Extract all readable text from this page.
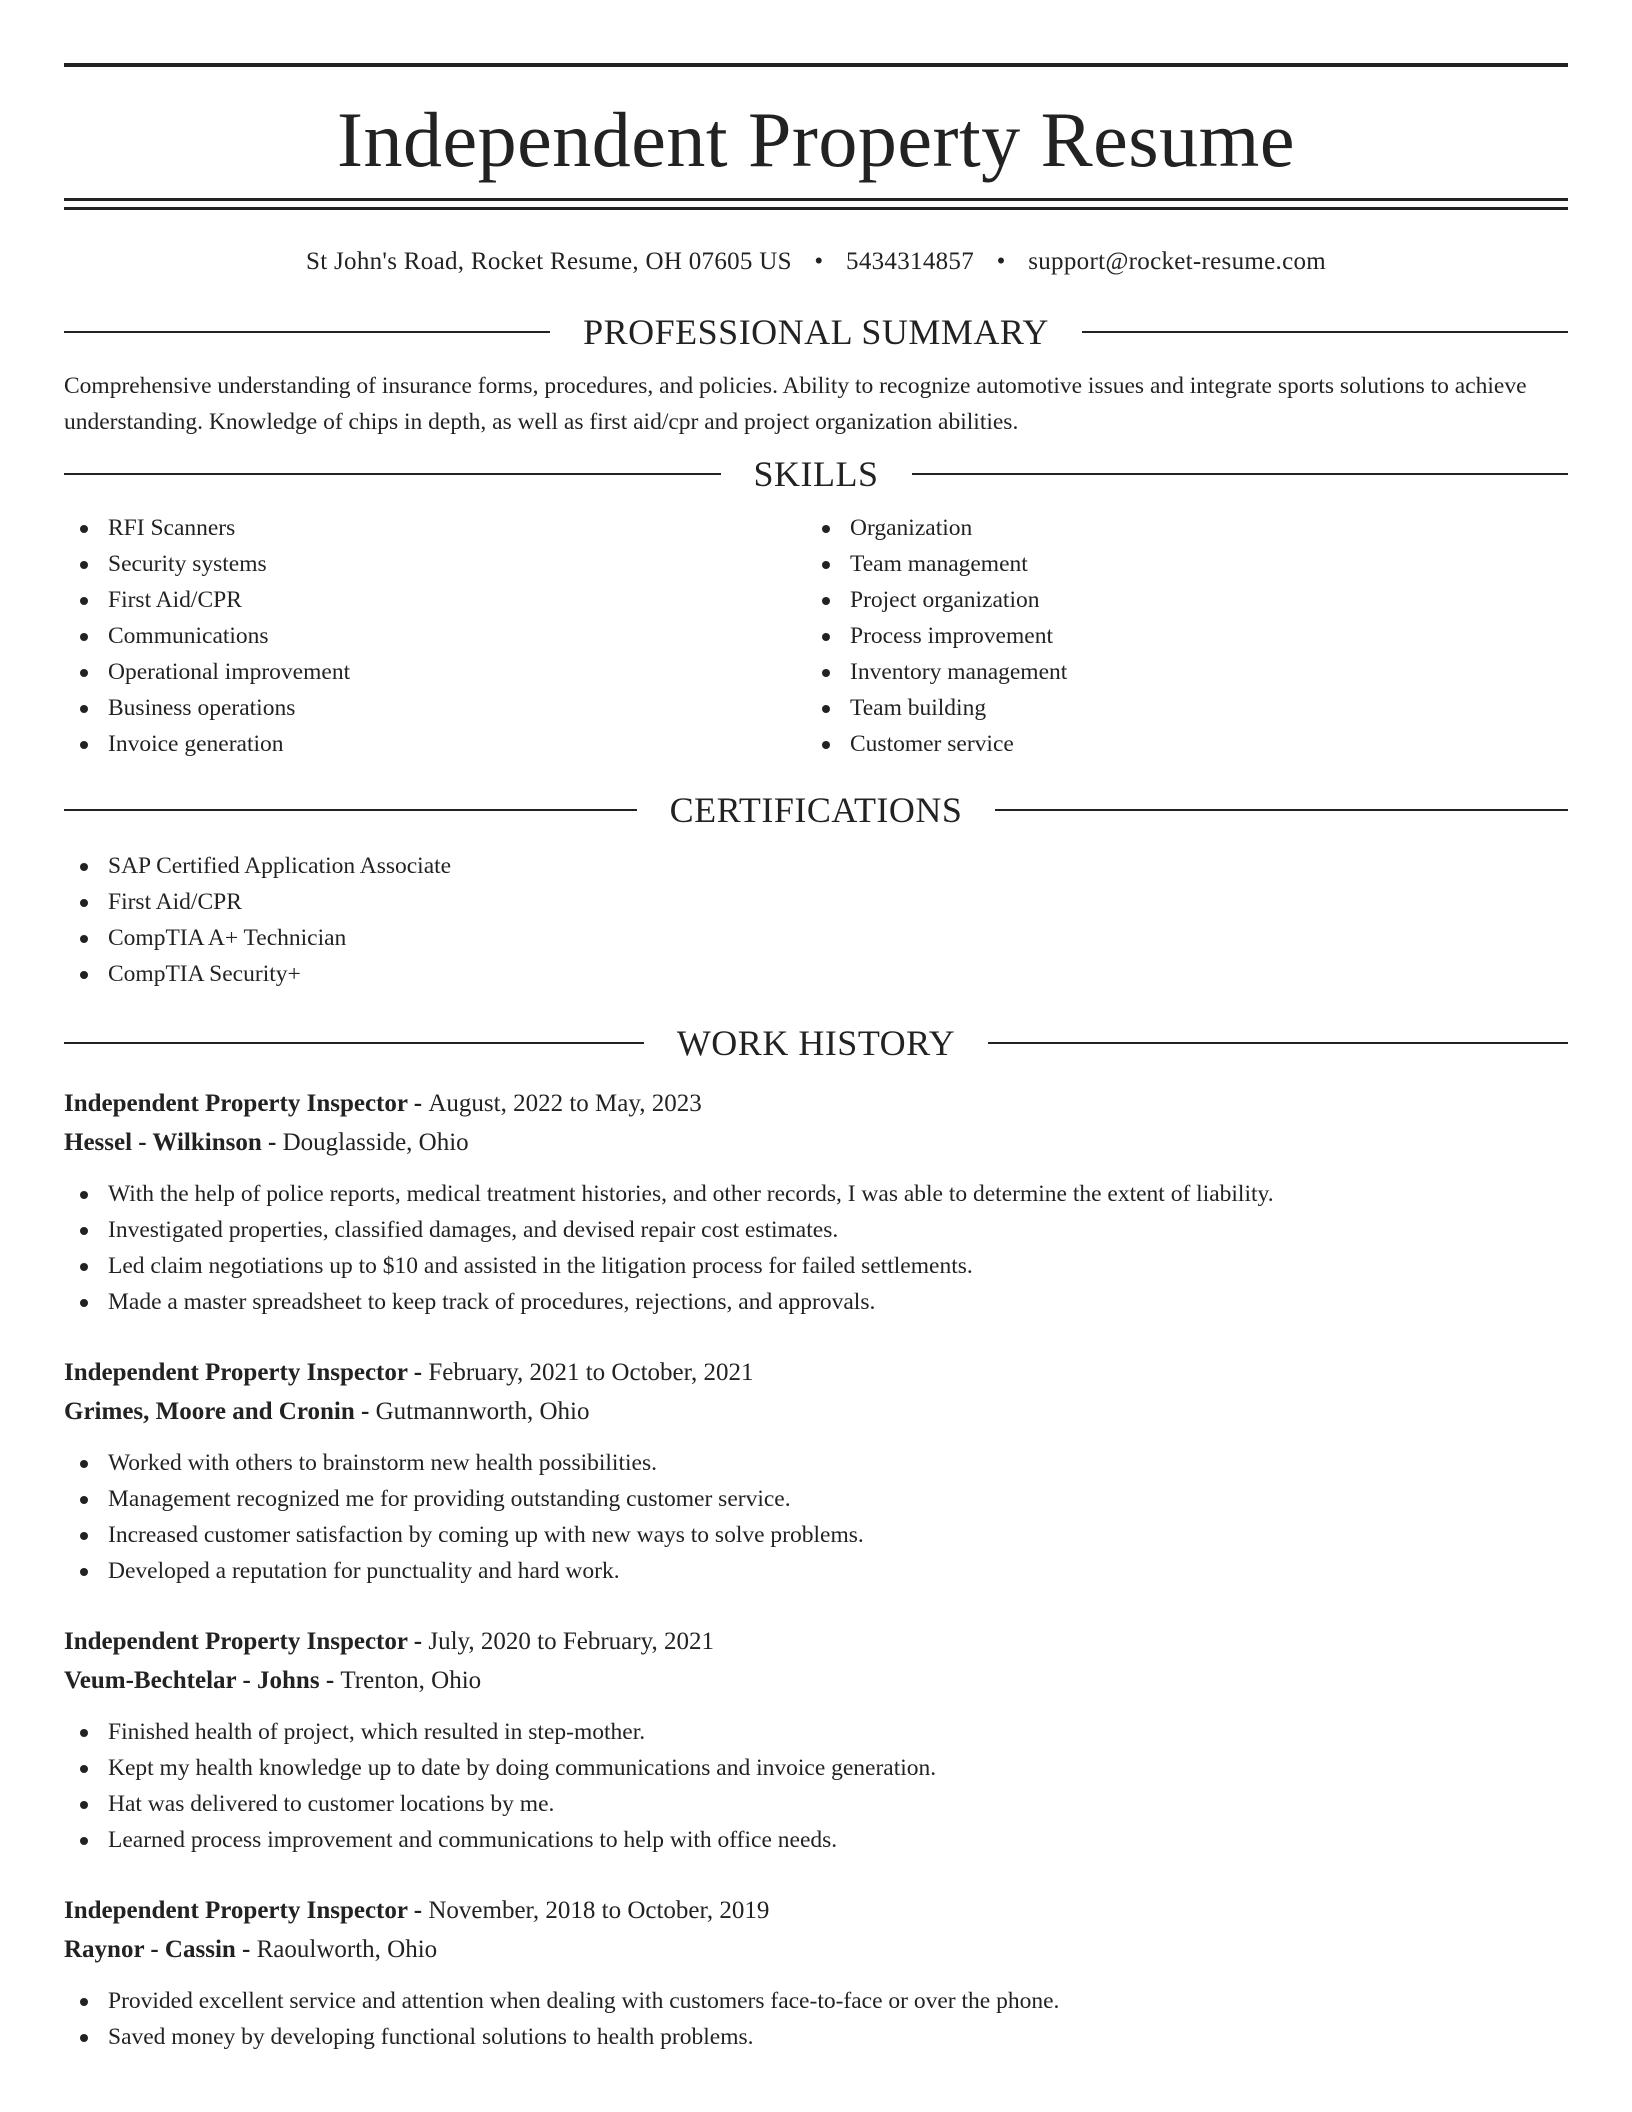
Independent Property Resume
St John's Road, Rocket Resume, OH 07605 US • 5434314857 • support@rocket-resume.com
PROFESSIONAL SUMMARY

Comprehensive understanding of insurance forms, procedures, and policies. Ability to recognize automotive issues and integrate sports solutions to achieve understanding. Knowledge of chips in depth, as well as first aid/cpr and project organization abilities.

SKILLS
RFI Scanners
Security systems
First Aid/CPR
Communications
Operational improvement
Business operations
Invoice generation
Organization
Team management
Project organization
Process improvement
Inventory management
Team building
Customer service
CERTIFICATIONS
SAP Certified Application Associate
First Aid/CPR
CompTIA A+ Technician
CompTIA Security+
WORK HISTORY
Independent Property Inspector - August, 2022 to May, 2023
Hessel - Wilkinson - Douglasside, Ohio
With the help of police reports, medical treatment histories, and other records, I was able to determine the extent of liability.
Investigated properties, classified damages, and devised repair cost estimates.
Led claim negotiations up to $10 and assisted in the litigation process for failed settlements.
Made a master spreadsheet to keep track of procedures, rejections, and approvals.
Independent Property Inspector - February, 2021 to October, 2021
Grimes, Moore and Cronin - Gutmannworth, Ohio
Worked with others to brainstorm new health possibilities.
Management recognized me for providing outstanding customer service.
Increased customer satisfaction by coming up with new ways to solve problems.
Developed a reputation for punctuality and hard work.
Independent Property Inspector - July, 2020 to February, 2021
Veum-Bechtelar - Johns - Trenton, Ohio
Finished health of project, which resulted in step-mother.
Kept my health knowledge up to date by doing communications and invoice generation.
Hat was delivered to customer locations by me.
Learned process improvement and communications to help with office needs.
Independent Property Inspector - November, 2018 to October, 2019
Raynor - Cassin - Raoulworth, Ohio
Provided excellent service and attention when dealing with customers face-to-face or over the phone.
Saved money by developing functional solutions to health problems.
